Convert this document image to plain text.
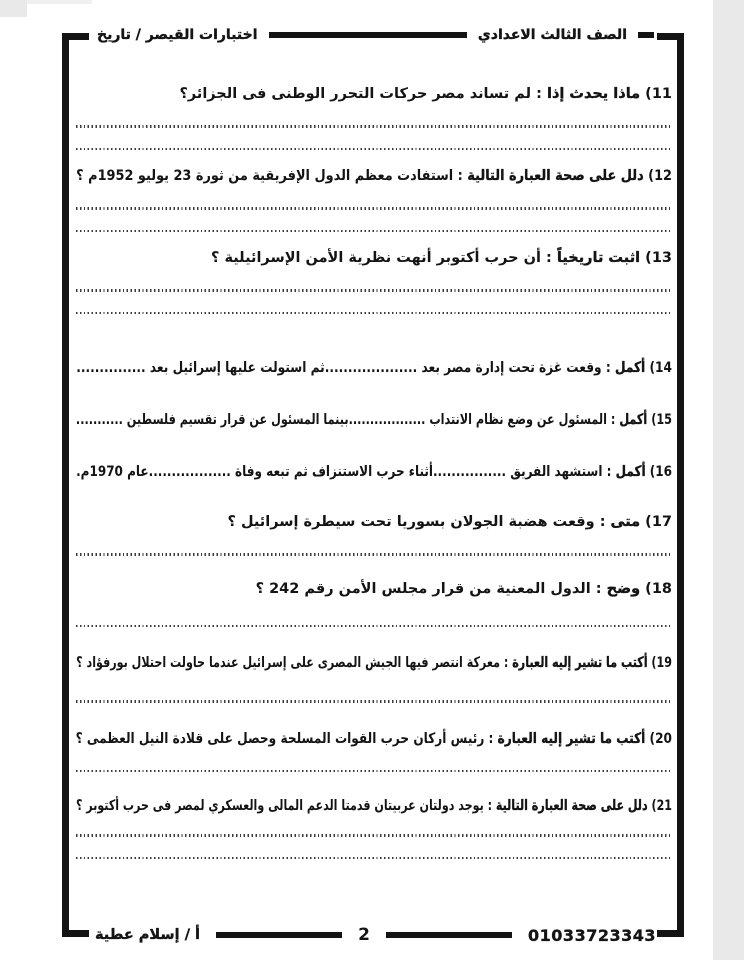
اختبارات القيصر / تاريخ	الصف الثالث الاعدادي
11) ماذا يحدث إذا : لم تساند مصر حركات التحرر الوطنى فى الجزائر؟
12) دلل على صحة العبارة التالية : استفادت معظم الدول الإفريقية من ثورة 23 يوليو 1952م ؟
13) اثبت تاريخياً : أن حرب أكتوبر أنهت نظرية الأمن الإسرائيلية ؟
14) أكمل : وقعت غزة تحت إدارة مصر بعد ....................ثم استولت عليها إسرائيل بعد ...............
15) أكمل : المسئول عن وضع نظام الانتداب ..................بينما المسئول عن قرار تقسيم فلسطين ...........
16) أكمل : استشهد الفريق ................أثناء حرب الاستنزاف ثم تبعه وفاة ..................عام 1970م.
17) متى : وقعت هضبة الجولان بسوريا تحت سيطرة إسرائيل ؟
18) وضح : الدول المعنية من قرار مجلس الأمن رقم 242 ؟
19) أكتب ما تشير إليه العبارة : معركة انتصر فيها الجيش المصرى على إسرائيل عندما حاولت احتلال بورفؤاد ؟
20) أكتب ما تشير إليه العبارة : رئيس أركان حرب القوات المسلحة وحصل على قلادة النيل العظمى ؟
21) دلل على صحة العبارة التالية : يوجد دولتان عربيتان قدمتا الدعم المالى والعسكري لمصر فى حرب أكتوبر ؟
أ / إسلام عطية	2	01033723343
